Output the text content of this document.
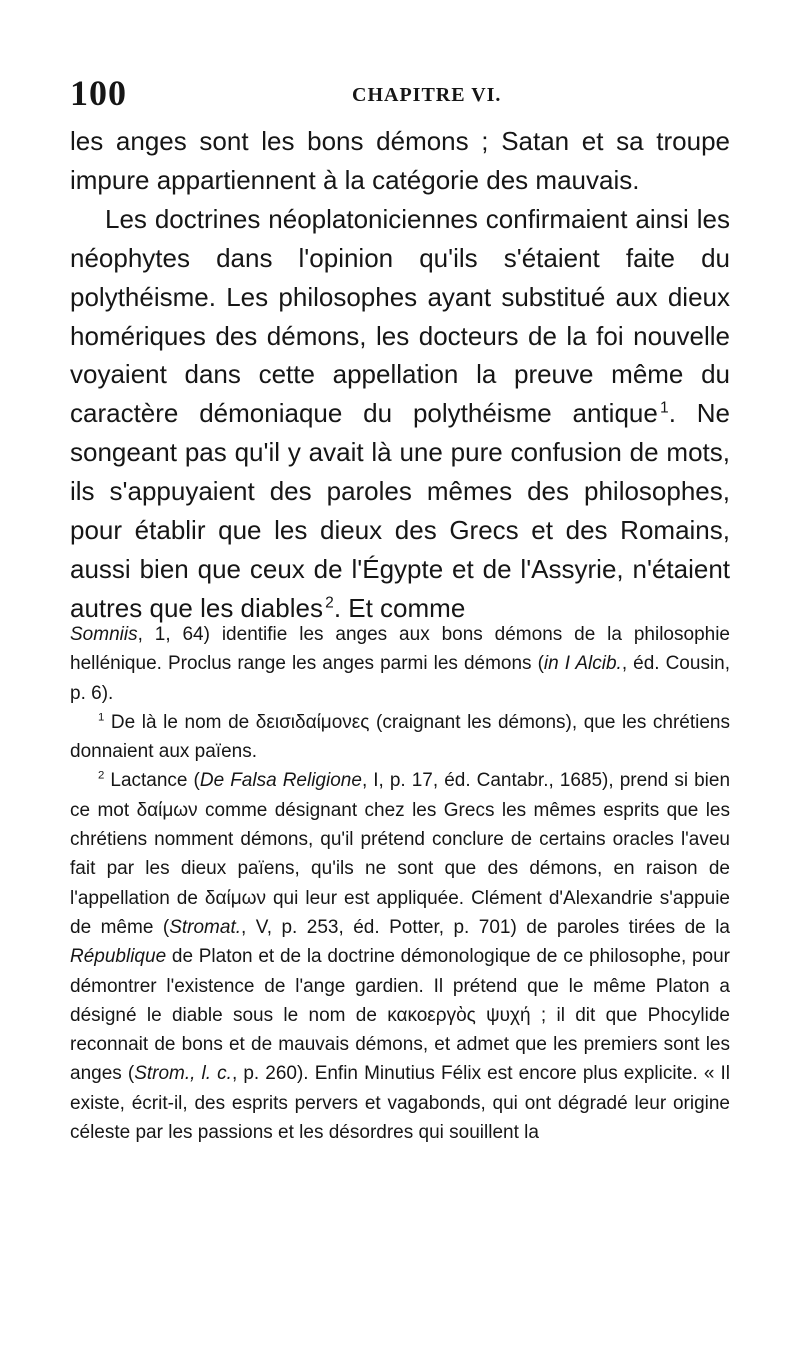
100	CHAPITRE VI.

les anges sont les bons démons ; Satan et sa troupe impure appartiennent à la catégorie des mauvais.

Les doctrines néoplatoniciennes confirmaient ainsi les néophytes dans l'opinion qu'ils s'étaient faite du polythéisme. Les philosophes ayant substitué aux dieux homériques des démons, les docteurs de la foi nouvelle voyaient dans cette appellation la preuve même du caractère démoniaque du polythéisme antique  $^1$. Ne songeant pas qu'il y avait là une pure confusion de mots, ils s'appuyaient des paroles mêmes des philosophes, pour établir que les dieux des Grecs et des Romains, aussi bien que ceux de l'Égypte et de l'Assyrie, n'étaient autres que les diables  $^2$. Et comme

Somniis, 1, 64) identifie les anges aux bons démons de la philosophie hellénique. Proclus range les anges parmi les démons (in I Alcib., éd. Cousin, p. 6).

$^1$ De là le nom de δεισιδαίμονες (craignant les démons), que les chrétiens donnaient aux païens.

$^2$ Lactance (De Falsa Religione, I, p. 17, éd. Cantabr., 1685), prend si bien ce mot δαίμων comme désignant chez les Grecs les mêmes esprits que les chrétiens nomment démons, qu'il prétend conclure de certains oracles l'aveu fait par les dieux païens, qu'ils ne sont que des démons, en raison de l'appellation de δαίμων qui leur est appliquée. Clément d'Alexandrie s'appuie de même (Stromat., V, p. 253, éd. Potter, p. 701) de paroles tirées de la République de Platon et de la doctrine démonologique de ce philosophe, pour démontrer l'existence de l'ange gardien. Il prétend que le même Platon a désigné le diable sous le nom de κακοεργὸς ψυχή ; il dit que Phocylide reconnait de bons et de mauvais démons, et admet que les premiers sont les anges (Strom., l. c., p. 260). Enfin Minutius Félix est encore plus explicite. « Il existe, écrit-il, des esprits pervers et vagabonds, qui ont dégradé leur origine céleste par les passions et les désordres qui souillent la
